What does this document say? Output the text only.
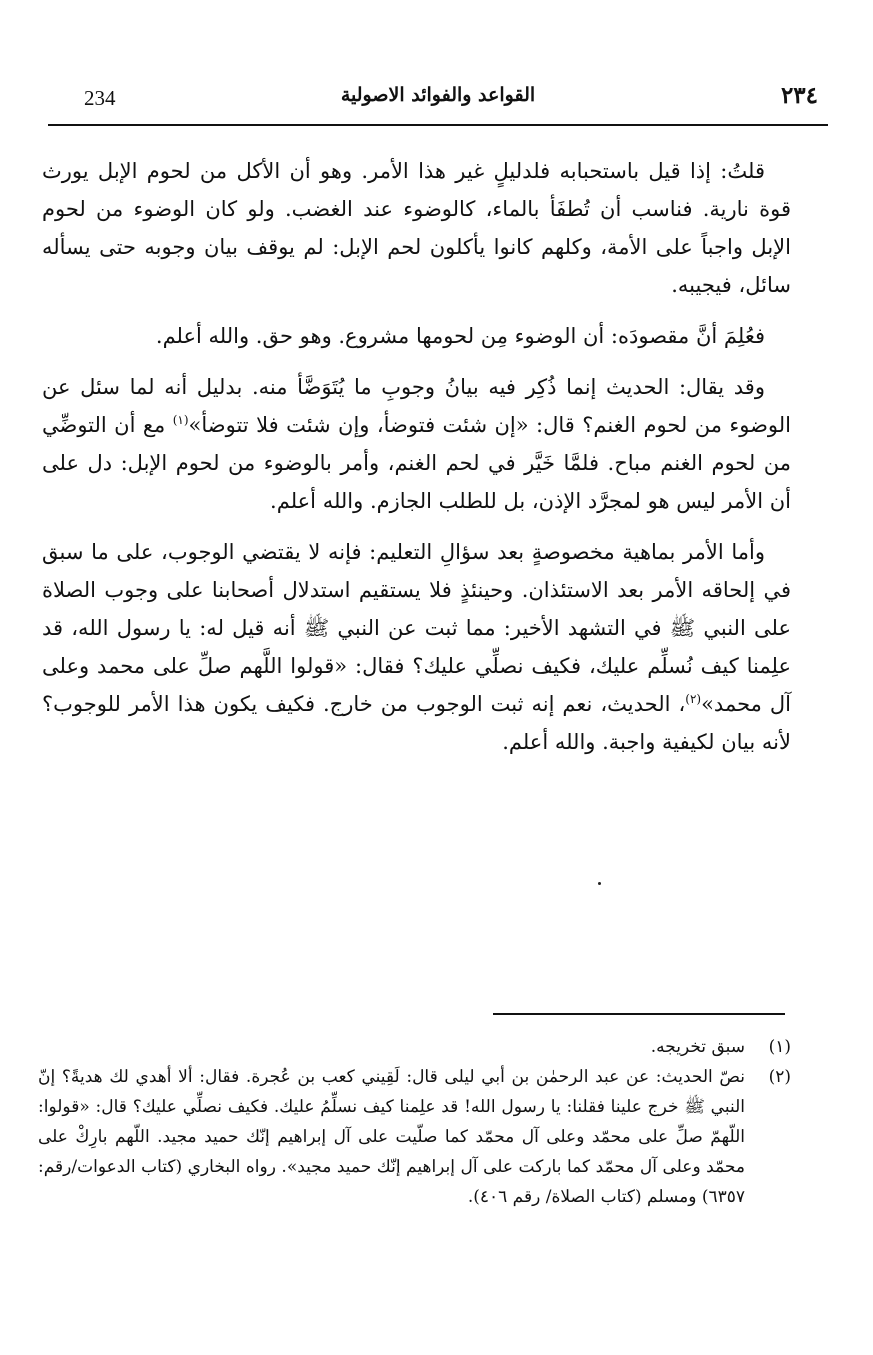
234	القواعد والفوائد الاصولية	٢٣٤

قلتُ: إذا قيل باستحبابه فلدليلٍ غير هذا الأمر. وهو أن الأكل من لحوم الإبل يورث قوة نارية. فناسب أن تُطفَأ بالماء، كالوضوء عند الغضب. ولو كان الوضوء من لحوم الإبل واجباً على الأمة، وكلهم كانوا يأكلون لحم الإبل: لم يوقف بيان وجوبه حتى يسأله سائل، فيجيبه.

فعُلِمَ أنَّ مقصودَه: أن الوضوء مِن لحومها مشروع. وهو حق. والله أعلم.

وقد يقال: الحديث إنما ذُكِر فيه بيانُ وجوبِ ما يُتَوَضَّأ منه. بدليل أنه لما سئل عن الوضوء من لحوم الغنم؟ قال: «إن شئت فتوضأ، وإن شئت فلا تتوضأ»$^{(١)}$ مع أن التوضِّي من لحوم الغنم مباح. فلمَّا خَيَّر في لحم الغنم، وأمر بالوضوء من لحوم الإبل: دل على أن الأمر ليس هو لمجرَّد الإذن، بل للطلب الجازم. والله أعلم.

وأما الأمر بماهية مخصوصةٍ بعد سؤالِ التعليم: فإنه لا يقتضي الوجوب، على ما سبق في إلحاقه الأمر بعد الاستئذان. وحينئذٍ فلا يستقيم استدلال أصحابنا على وجوب الصلاة على النبي ﷺ في التشهد الأخير: مما ثبت عن النبي ﷺ أنه قيل له: يا رسول الله، قد علِمنا كيف نُسلِّم عليك، فكيف نصلِّي عليك؟ فقال: «قولوا اللَّهم صلِّ على محمد وعلى آل محمد»$^{(٢)}$، الحديث، نعم إنه ثبت الوجوب من خارج. فكيف يكون هذا الأمر للوجوب؟ لأنه بيان لكيفية واجبة. والله أعلم.

(١)
سبق تخريجه.
(٢)
نصّ الحديث: عن عبد الرحمٰن بن أبي ليلى قال: لَقِيني كعب بن عُجرة. فقال: ألا أهدي لك هديةً؟ إنّ النبي ﷺ خرج علينا فقلنا: يا رسول الله! قد علِمنا كيف نسلِّمُ عليك. فكيف نصلِّي عليك؟ قال: «قولوا: اللّهمّ صلِّ على محمّد وعلى آل محمّد كما صلّيت على آل إبراهيم إنّك حميد مجيد. اللّهم بارِكْ على محمّد وعلى آل محمّد كما باركت على آل إبراهيم إنّك حميد مجيد». رواه البخاري (كتاب الدعوات/رقم: ٦٣٥٧) ومسلم (كتاب الصلاة/ رقم ٤٠٦).
